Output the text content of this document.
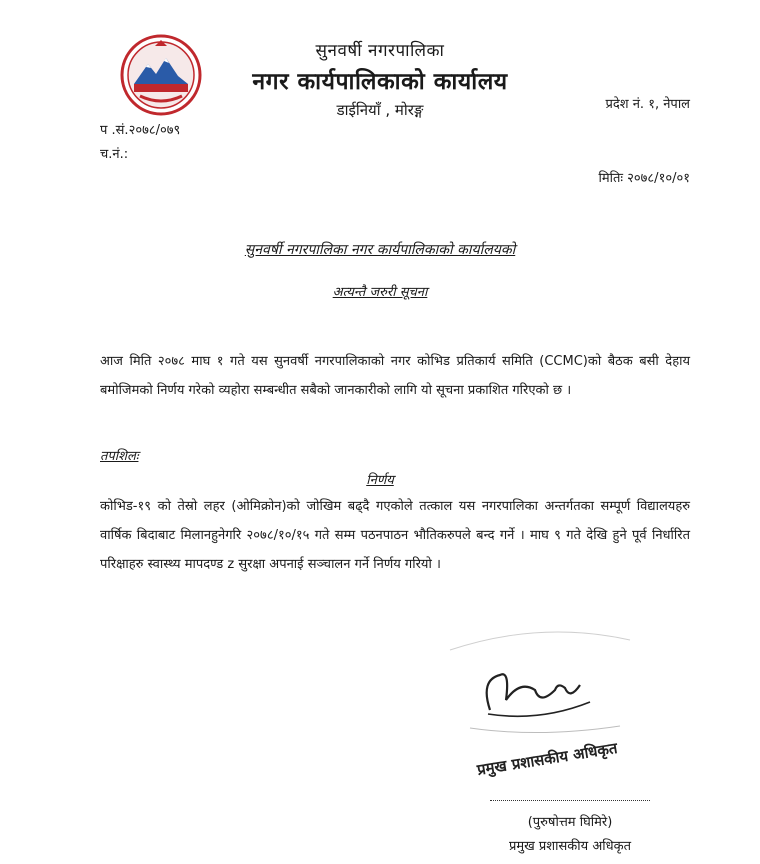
सुनवर्षी नगरपालिका
नगर कार्यपालिकाको कार्यालय
डाईनियाँ , मोरङ्ग	प्रदेश नं. १, नेपाल
प .सं.२०७८/०७९
च.नं.:
मितिः २०७८/१०/०१
सुनवर्षी नगरपालिका नगर कार्यपालिकाको कार्यालयको
अत्यन्तै जरुरी सूचना
आज मिति २०७८ माघ १ गते यस सुनवर्षी नगरपालिकाको नगर कोभिड प्रतिकार्य समिति (CCMC)को बैठक बसी देहाय बमोजिमको निर्णय गरेको व्यहोरा सम्बन्धीत सबैको जानकारीको लागि यो सूचना प्रकाशित गरिएको छ ।
तपशिलः
निर्णय
कोभिड-१९ को तेस्रो लहर (ओमिक्रोन)को जोखिम बढ्दै गएकोले तत्काल यस नगरपालिका अन्तर्गतका सम्पूर्ण विद्यालयहरु वार्षिक बिदाबाट मिलानहुनेगरि २०७८/१०/१५ गते सम्म पठनपाठन भौतिकरुपले बन्द गर्ने । माघ ९ गते देखि हुने पूर्व निर्धारित परिक्षाहरु स्वास्थ्य मापदण्ड z सुरक्षा अपनाई सञ्चालन गर्ने निर्णय गरियो ।
प्रमुख प्रशासकीय अधिकृत
(पुरुषोत्तम घिमिरे)
प्रमुख प्रशासकीय अधिकृत
